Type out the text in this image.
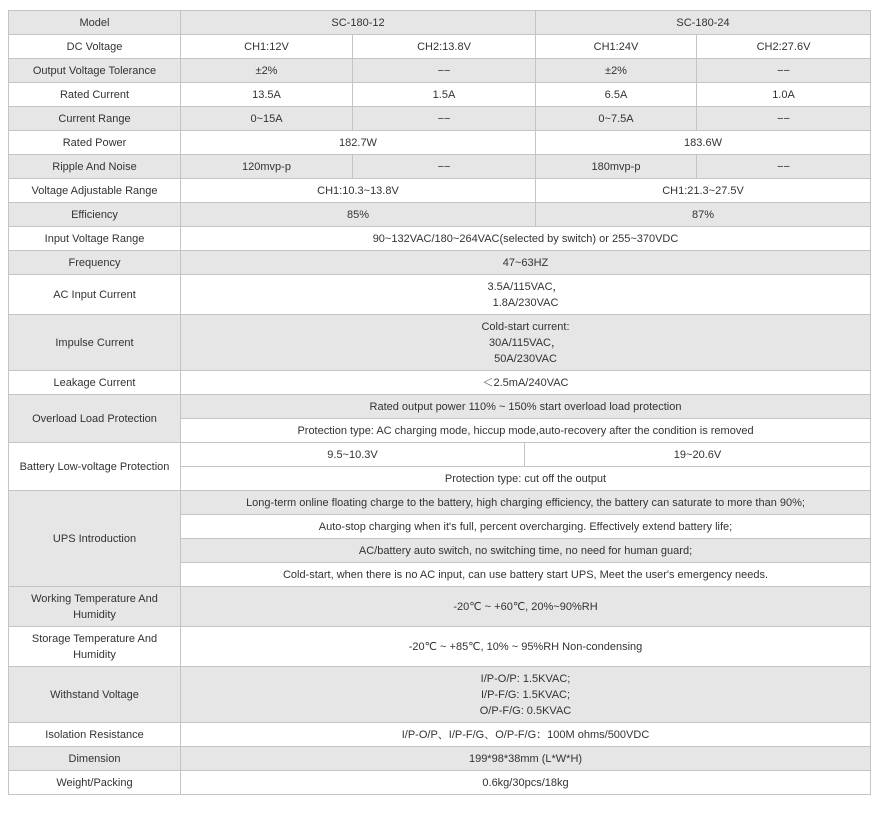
Model	SC-180-12			SC-180-24	
DC Voltage	CH1:12V	CH2:13.8V		CH1:24V	CH2:27.6V
Output Voltage Tolerance	±2%	−−		±2%	−−
Rated Current	13.5A	1.5A		6.5A	1.0A
Current Range	0~15A	−−		0~7.5A	−−
Rated Power	182.7W			183.6W	
Ripple And Noise	120mvp-p	−−		180mvp-p	−−
Voltage Adjustable Range	CH1:10.3~13.8V			CH1:21.3~27.5V	
Efficiency	85%			87%	
Input Voltage Range	90~132VAC/180~264VAC(selected by switch) or 255~370VDC				
Frequency	47~63HZ				
AC Input Current	3.5A/115VAC，
1.8A/230VAC				

Impulse Current	Cold-start current:
30A/115VAC，
50A/230VAC				

Leakage Current	＜2.5mA/240VAC				
Overload Load Protection	Rated output power 110% ~ 150% start overload load protection				
	Protection type: AC charging mode, hiccup mode,auto-recovery after the condition is removed				
Battery Low-voltage Protection	9.5~10.3V		19~20.6V		
	Protection type: cut off the output				
UPS Introduction	Long-term online floating charge to the battery, high charging efficiency, the battery can saturate to more than 90%;				
	Auto-stop charging when it's full, percent overcharging. Effectively extend battery life;				
	AC/battery auto switch, no switching time, no need for human guard;				
	Cold-start, when there is no AC input, can use battery start UPS, Meet the user's emergency needs.				
Working Temperature And Humidity	-20℃ ~ +60℃, 20%~90%RH				
Storage Temperature And Humidity	-20℃ ~ +85℃, 10% ~ 95%RH Non-condensing				
Withstand Voltage	I/P-O/P: 1.5KVAC;
I/P-F/G: 1.5KVAC;
O/P-F/G: 0.5KVAC				

Isolation Resistance	I/P-O/P、I/P-F/G、O/P-F/G：100M ohms/500VDC				
Dimension	199*98*38mm (L*W*H)				
Weight/Packing	0.6kg/30pcs/18kg				
